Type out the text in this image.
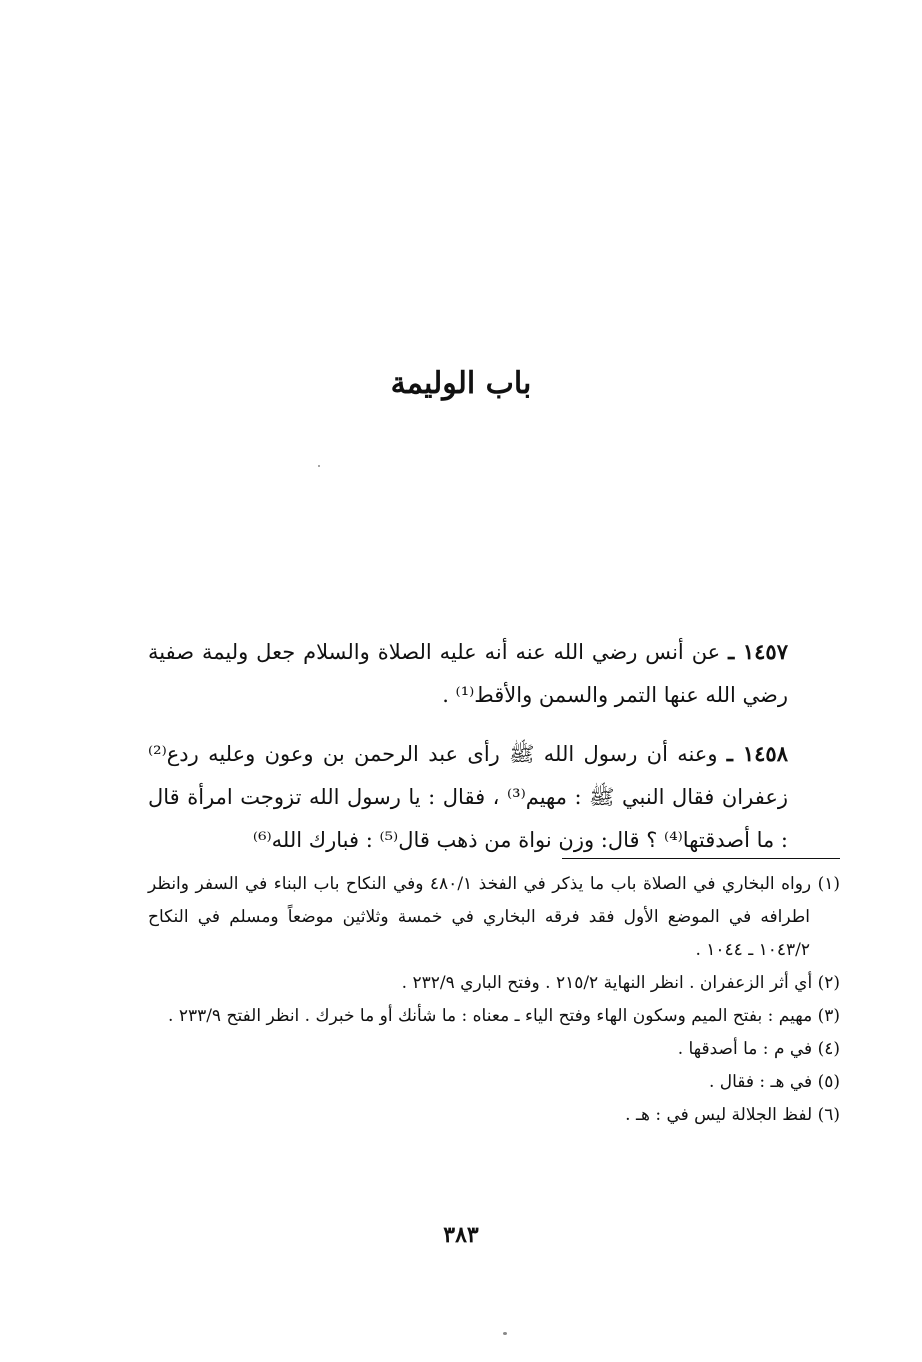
باب الوليمة

١٤٥٧ ـ عن أنس رضي الله عنه أنه عليه الصلاة والسلام جعل وليمة صفية رضي الله عنها التمر والسمن والأقط⁽¹⁾ .

١٤٥٨ ـ وعنه أن رسول الله ﷺ رأى عبد الرحمن بن وعون وعليه ردع⁽²⁾ زعفران فقال النبي ﷺ : مهيم⁽³⁾ ، فقال : يا رسول الله تزوجت امرأة قال : ما أصدقتها⁽⁴⁾ ؟ قال: وزن نواة من ذهب قال⁽⁵⁾ : فبارك الله⁽⁶⁾

(١) رواه البخاري في الصلاة باب ما يذكر في الفخذ ٤٨٠/١ وفي النكاح باب البناء في السفر وانظر اطرافه في الموضع الأول فقد فرقه البخاري في خمسة وثلاثين موضعاً ومسلم في النكاح ١٠٤٣/٢ ـ ١٠٤٤ .
(٢) أي أثر الزعفران . انظر النهاية ٢١٥/٢ . وفتح الباري ٢٣٢/٩ .
(٣) مهيم : بفتح الميم وسكون الهاء وفتح الياء ـ معناه : ما شأنك أو ما خبرك . انظر الفتح ٢٣٣/٩ .
(٤) في م : ما أصدقها .
(٥) في هـ : فقال .
(٦) لفظ الجلالة ليس في : هـ .

٣٨٣
